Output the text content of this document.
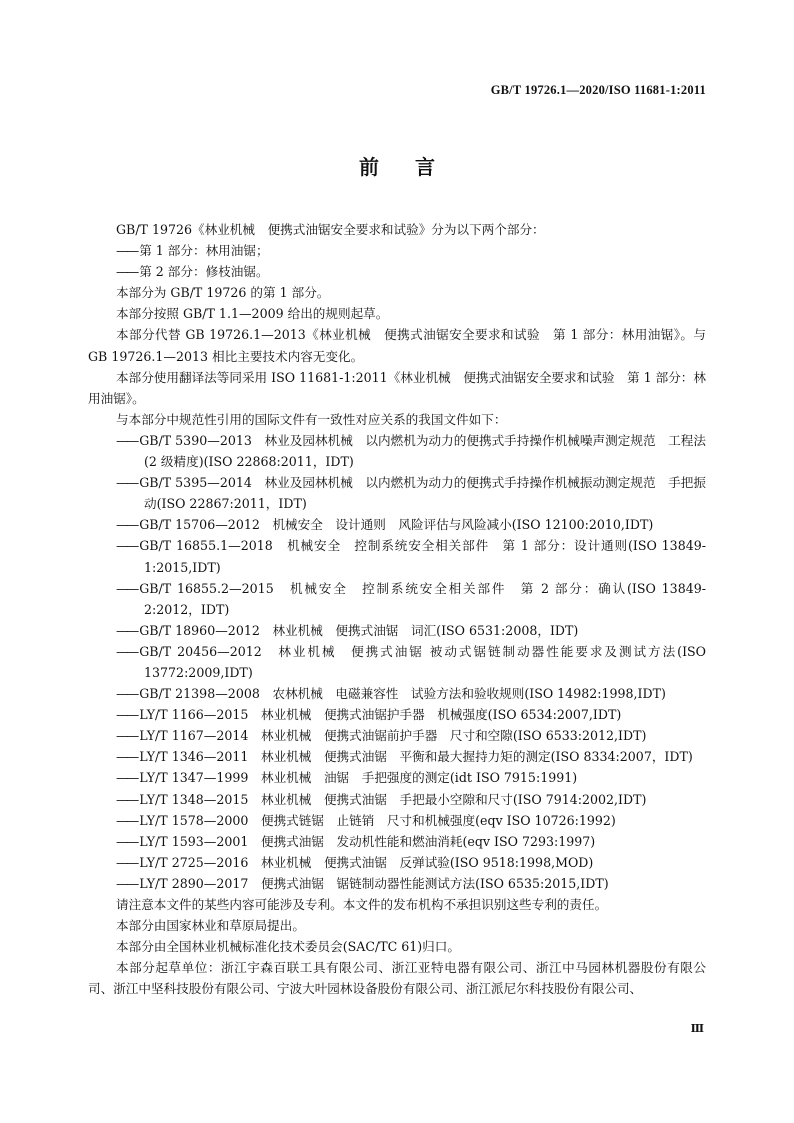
GB/T 19726.1—2020/ISO 11681-1:2011
前言
GB/T 19726《林业机械　便携式油锯安全要求和试验》分为以下两个部分：
—— 第 1 部分：林用油锯；
—— 第 2 部分：修枝油锯。
本部分为 GB/T 19726 的第 1 部分。
本部分按照 GB/T 1.1—2009 给出的规则起草。
本部分代替 GB 19726.1—2013《林业机械　便携式油锯安全要求和试验　第 1 部分：林用油锯》。与 GB 19726.1—2013 相比主要技术内容无变化。
本部分使用翻译法等同采用 ISO 11681-1:2011《林业机械　便携式油锯安全要求和试验　第 1 部分：林用油锯》。
与本部分中规范性引用的国际文件有一致性对应关系的我国文件如下：
—— GB/T 5390—2013　林业及园林机械　以内燃机为动力的便携式手持操作机械噪声测定规范　工程法(2 级精度)(ISO 22868:2011，IDT)
—— GB/T 5395—2014　林业及园林机械　以内燃机为动力的便携式手持操作机械振动测定规范　手把振动(ISO 22867:2011，IDT)
—— GB/T 15706—2012　机械安全　设计通则　风险评估与风险减小(ISO 12100:2010,IDT)
—— GB/T 16855.1—2018　机械安全　控制系统安全相关部件　第 1 部分：设计通则(ISO 13849-1:2015,IDT)
—— GB/T 16855.2—2015　机械安全　控制系统安全相关部件　第 2 部分：确认(ISO 13849-2:2012，IDT)
—— GB/T 18960—2012　林业机械　便携式油锯　词汇(ISO 6531:2008，IDT)
—— GB/T 20456—2012　林业机械　便携式油锯 被动式锯链制动器性能要求及测试方法(ISO 13772:2009,IDT)
—— GB/T 21398—2008　农林机械　电磁兼容性　试验方法和验收规则(ISO 14982:1998,IDT)
—— LY/T 1166—2015　林业机械　便携式油锯护手器　机械强度(ISO 6534:2007,IDT)
—— LY/T 1167—2014　林业机械　便携式油锯前护手器　尺寸和空隙(ISO 6533:2012,IDT)
—— LY/T 1346—2011　林业机械　便携式油锯　平衡和最大握持力矩的测定(ISO 8334:2007，IDT)
—— LY/T 1347—1999　林业机械　油锯　手把强度的测定(idt ISO 7915:1991)
—— LY/T 1348—2015　林业机械　便携式油锯　手把最小空隙和尺寸(ISO 7914:2002,IDT)
—— LY/T 1578—2000　便携式链锯　止链销　尺寸和机械强度(eqv ISO 10726:1992)
—— LY/T 1593—2001　便携式油锯　发动机性能和燃油消耗(eqv ISO 7293:1997)
—— LY/T 2725—2016　林业机械　便携式油锯　反弹试验(ISO 9518:1998,MOD)
—— LY/T 2890—2017　便携式油锯　锯链制动器性能测试方法(ISO 6535:2015,IDT)
请注意本文件的某些内容可能涉及专利。本文件的发布机构不承担识别这些专利的责任。
本部分由国家林业和草原局提出。
本部分由全国林业机械标准化技术委员会(SAC/TC 61)归口。
本部分起草单位：浙江宇森百联工具有限公司、浙江亚特电器有限公司、浙江中马园林机器股份有限公司、浙江中坚科技股份有限公司、宁波大叶园林设备股份有限公司、浙江派尼尔科技股份有限公司、
Ⅲ
